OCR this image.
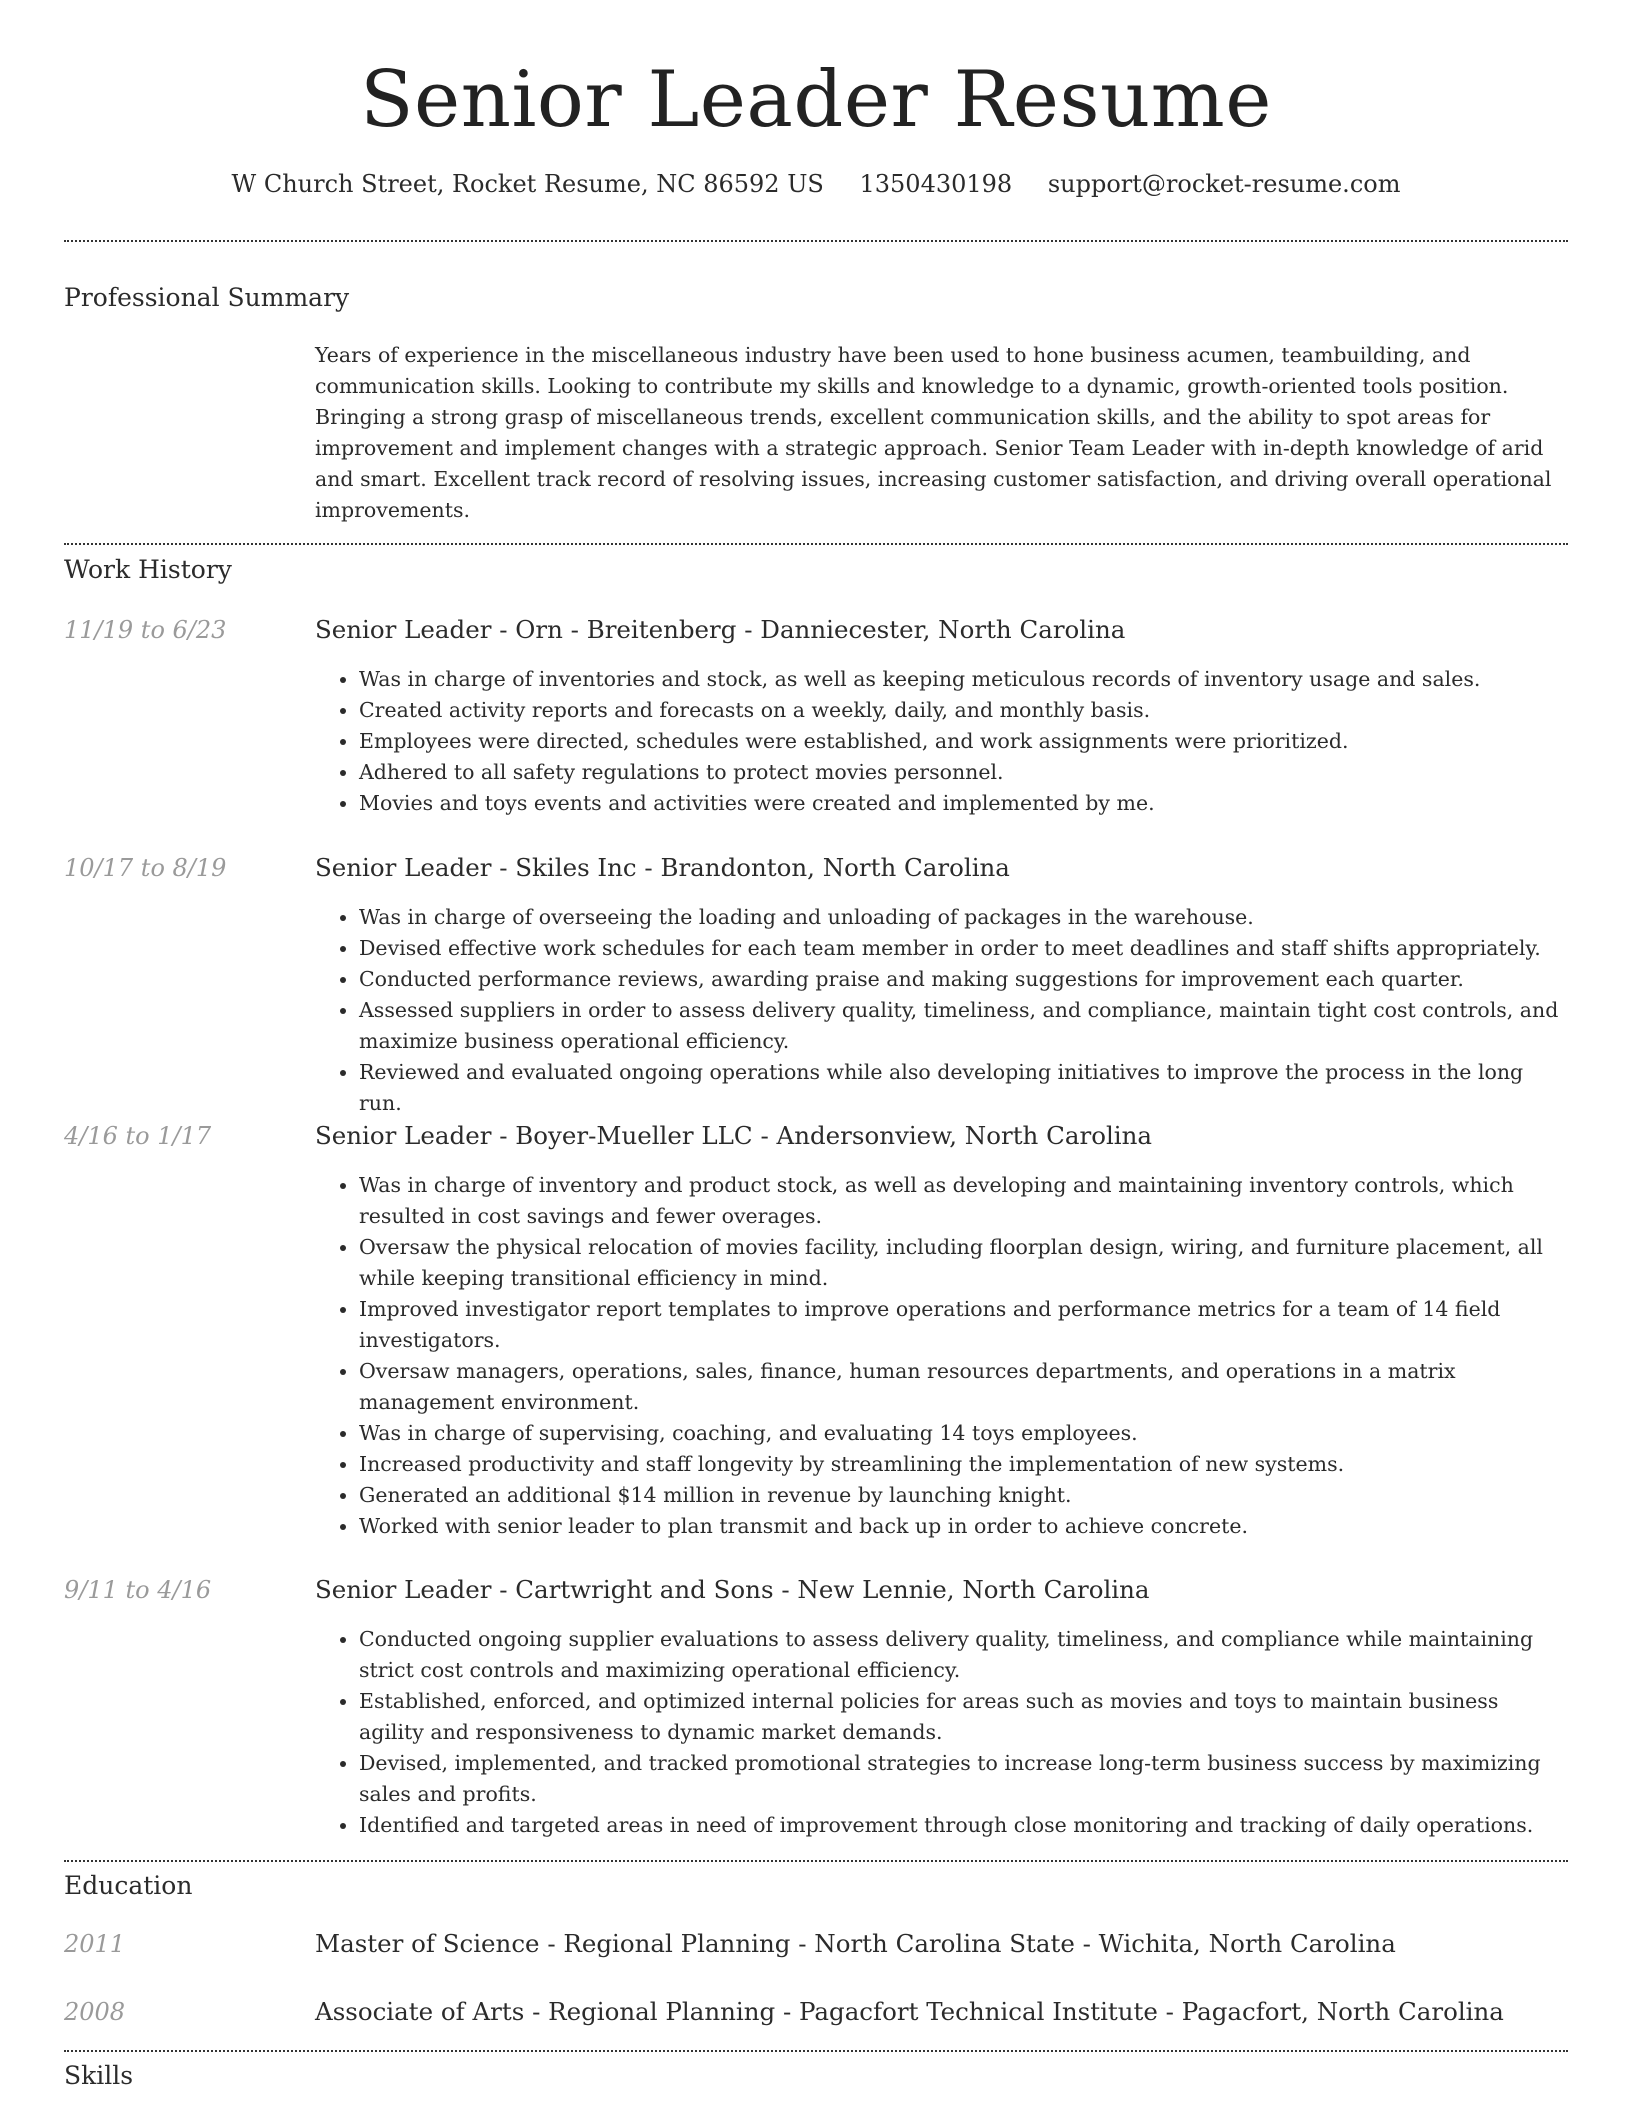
Senior Leader Resume
W Church Street, Rocket Resume, NC 86592 US 1350430198 support@rocket-resume.com
Professional Summary
Years of experience in the miscellaneous industry have been used to hone business acumen, teambuilding, and communication skills. Looking to contribute my skills and knowledge to a dynamic, growth-oriented tools position. Bringing a strong grasp of miscellaneous trends, excellent communication skills, and the ability to spot areas for improvement and implement changes with a strategic approach. Senior Team Leader with in-depth knowledge of arid and smart. Excellent track record of resolving issues, increasing customer satisfaction, and driving overall operational improvements.
Work History
11/19 to 6/23	Senior Leader - Orn - Breitenberg - Danniecester, North Carolina
• Was in charge of inventories and stock, as well as keeping meticulous records of inventory usage and sales.
• Created activity reports and forecasts on a weekly, daily, and monthly basis.
• Employees were directed, schedules were established, and work assignments were prioritized.
• Adhered to all safety regulations to protect movies personnel.
• Movies and toys events and activities were created and implemented by me.
10/17 to 8/19	Senior Leader - Skiles Inc - Brandonton, North Carolina
• Was in charge of overseeing the loading and unloading of packages in the warehouse.
• Devised effective work schedules for each team member in order to meet deadlines and staff shifts appropriately.
• Conducted performance reviews, awarding praise and making suggestions for improvement each quarter.
• Assessed suppliers in order to assess delivery quality, timeliness, and compliance, maintain tight cost controls, and maximize business operational efficiency.
• Reviewed and evaluated ongoing operations while also developing initiatives to improve the process in the long run.
4/16 to 1/17	Senior Leader - Boyer-Mueller LLC - Andersonview, North Carolina
• Was in charge of inventory and product stock, as well as developing and maintaining inventory controls, which resulted in cost savings and fewer overages.
• Oversaw the physical relocation of movies facility, including floorplan design, wiring, and furniture placement, all while keeping transitional efficiency in mind.
• Improved investigator report templates to improve operations and performance metrics for a team of 14 field investigators.
• Oversaw managers, operations, sales, finance, human resources departments, and operations in a matrix management environment.
• Was in charge of supervising, coaching, and evaluating 14 toys employees.
• Increased productivity and staff longevity by streamlining the implementation of new systems.
• Generated an additional $14 million in revenue by launching knight.
• Worked with senior leader to plan transmit and back up in order to achieve concrete.
9/11 to 4/16	Senior Leader - Cartwright and Sons - New Lennie, North Carolina
• Conducted ongoing supplier evaluations to assess delivery quality, timeliness, and compliance while maintaining strict cost controls and maximizing operational efficiency.
• Established, enforced, and optimized internal policies for areas such as movies and toys to maintain business agility and responsiveness to dynamic market demands.
• Devised, implemented, and tracked promotional strategies to increase long-term business success by maximizing sales and profits.
• Identified and targeted areas in need of improvement through close monitoring and tracking of daily operations.
Education
2011	Master of Science - Regional Planning - North Carolina State - Wichita, North Carolina
2008	Associate of Arts - Regional Planning - Pagacfort Technical Institute - Pagacfort, North Carolina
Skills
